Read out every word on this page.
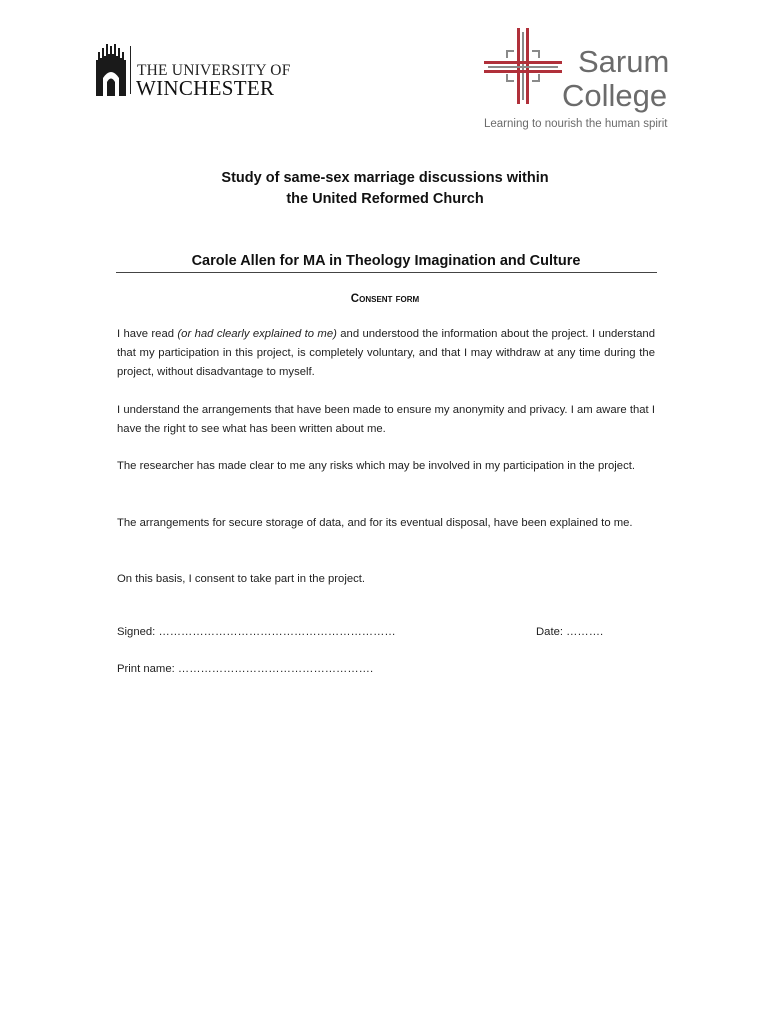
THE UNIVERSITY OF
WINCHESTER
Sarum
College
Learning to nourish the human spirit
Study of same-sex marriage discussions within
the United Reformed Church
Carole Allen for MA in Theology Imagination and Culture
Consent form

I have read (or had clearly explained to me) and understood the information about the project. I understand that my participation in this project, is completely voluntary, and that I may withdraw at any time during the project, without disadvantage to myself.

I understand the arrangements that have been made to ensure my anonymity and privacy. I am aware that I have the right to see what has been written about me.

The researcher has made clear to me any risks which may be involved in my participation in the project.

The arrangements for secure storage of data, and for its eventual disposal, have been explained to me.

On this basis, I consent to take part in the project.

Signed: ………………………………………………………	Date: ……….
Print name: …………………………………………….
